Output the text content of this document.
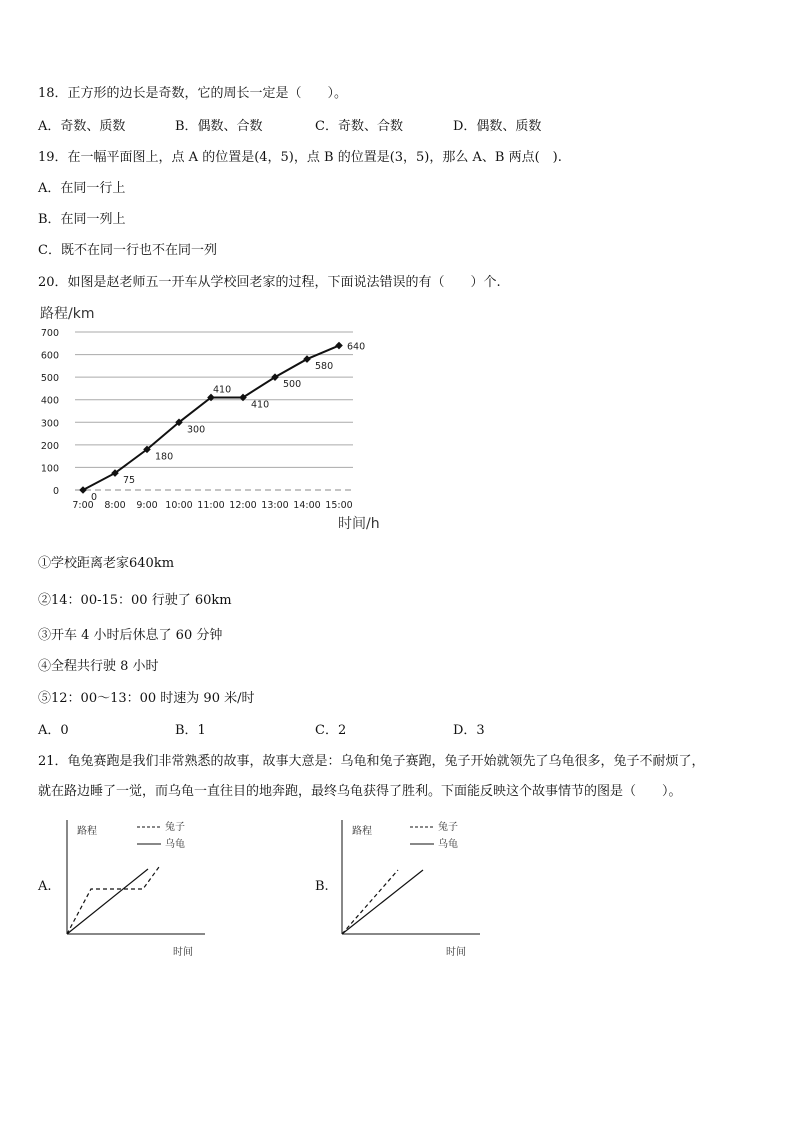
18．正方形的边长是奇数，它的周长一定是（　　）。
A．奇数、质数	B．偶数、合数	C．奇数、合数	D．偶数、质数
19．在一幅平面图上，点 A 的位置是(4，5)，点 B 的位置是(3，5)，那么 A、B 两点(　).
A．在同一行上
B．在同一列上
C．既不在同一行也不在同一列
20．如图是赵老师五一开车从学校回老家的过程，下面说法错误的有（　　）个.
路程/km
0
100
200
300
400
500
600
700
7:00 8:00 9:00 10:00 11:00 12:00 13:00 14:00 15:00
0
75
180
300
410
410
500
580
640
时间/h
①学校距离老家640km
②14：00-15：00 行驶了 60km
③开车 4 小时后休息了 60 分钟
④全程共行驶 8 小时
⑤12：00～13：00 时速为 90 米/时
A．0	B．1	C．2	D．3
21．龟兔赛跑是我们非常熟悉的故事，故事大意是：乌龟和兔子赛跑，兔子开始就领先了乌龟很多，兔子不耐烦了，
就在路边睡了一觉，而乌龟一直往目的地奔跑，最终乌龟获得了胜利。下面能反映这个故事情节的图是（　　）。
A.
路程
时间
兔子
乌龟
B.
路程
时间
兔子
乌龟
